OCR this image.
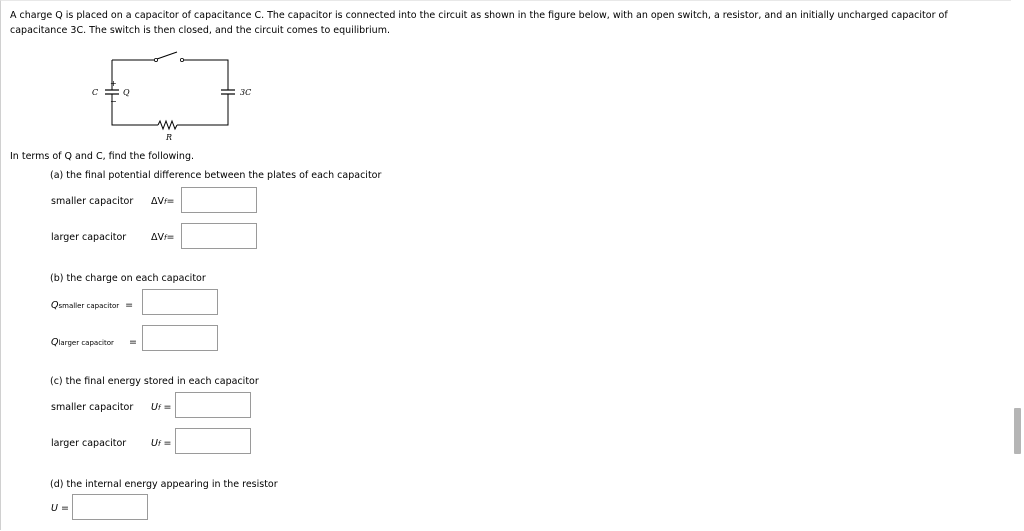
A charge Q is placed on a capacitor of capacitance C. The capacitor is connected into the circuit as shown in the figure below, with an open switch, a resistor, and an initially uncharged capacitor of
capacitance 3C. The switch is then closed, and the circuit comes to equilibrium.
+
−
C	Q	3C
R
In terms of Q and C, find the following.
(a) the final potential difference between the plates of each capacitor
smaller capacitor ΔVf=
larger capacitor	ΔVf=
(b) the charge on each capacitor
Qsmaller capacitor =
Qlarger capacitor =
(c) the final energy stored in each capacitor
smaller capacitor Uf =
larger capacitor	Uf =
(d) the internal energy appearing in the resistor
U =
